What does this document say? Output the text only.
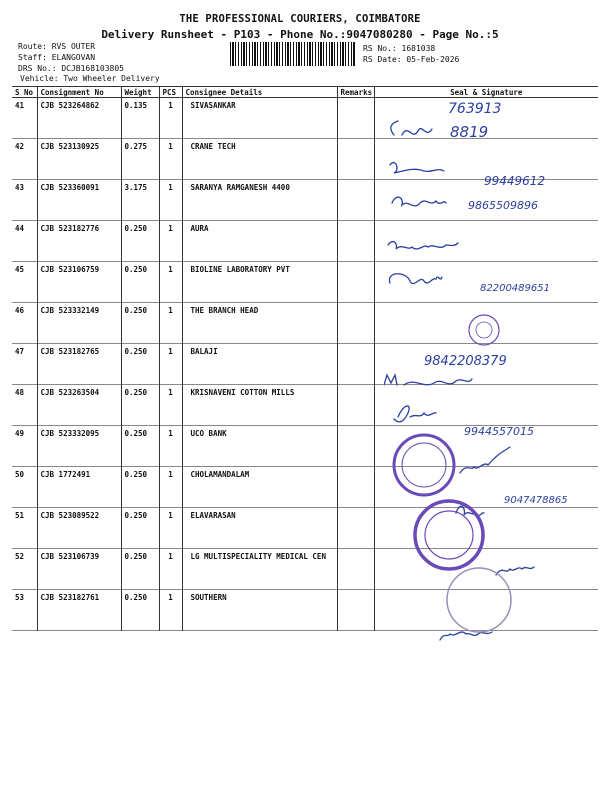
THE PROFESSIONAL COURIERS, COIMBATORE
Delivery Runsheet - P103 - Phone No.:9047080280 - Page No.:5
Route: RVS OUTER
Staff: ELANGOVAN
DRS No.: DCJB168103805
Vehicle: Two Wheeler Delivery
RS No.: 1681038
RS Date: 05-Feb-2026
S No	Consignment No	Weight	PCS	Consignee Details	Remarks	Seal & Signature
41	CJB 523264862	0.135	1	SIVASANKAR		
42	CJB 523130925	0.275	1	CRANE TECH		
43	CJB 523360091	3.175	1	SARANYA RAMGANESH 4400		
44	CJB 523182776	0.250	1	AURA		
45	CJB 523106759	0.250	1	BIOLINE LABORATORY PVT		
46	CJB 523332149	0.250	1	THE BRANCH HEAD		
47	CJB 523182765	0.250	1	BALAJI		
48	CJB 523263504	0.250	1	KRISNAVENI COTTON MILLS		
49	CJB 523332095	0.250	1	UCO BANK		
50	CJB 1772491	0.250	1	CHOLAMANDALAM		
51	CJB 523089522	0.250	1	ELAVARASAN		
52	CJB 523106739	0.250	1	LG MULTISPECIALITY MEDICAL CEN		
53	CJB 523182761	0.250	1	SOUTHERN		
763913
8819
99449612
9865509896
82200489651
9842208379
9944557015
9047478865
